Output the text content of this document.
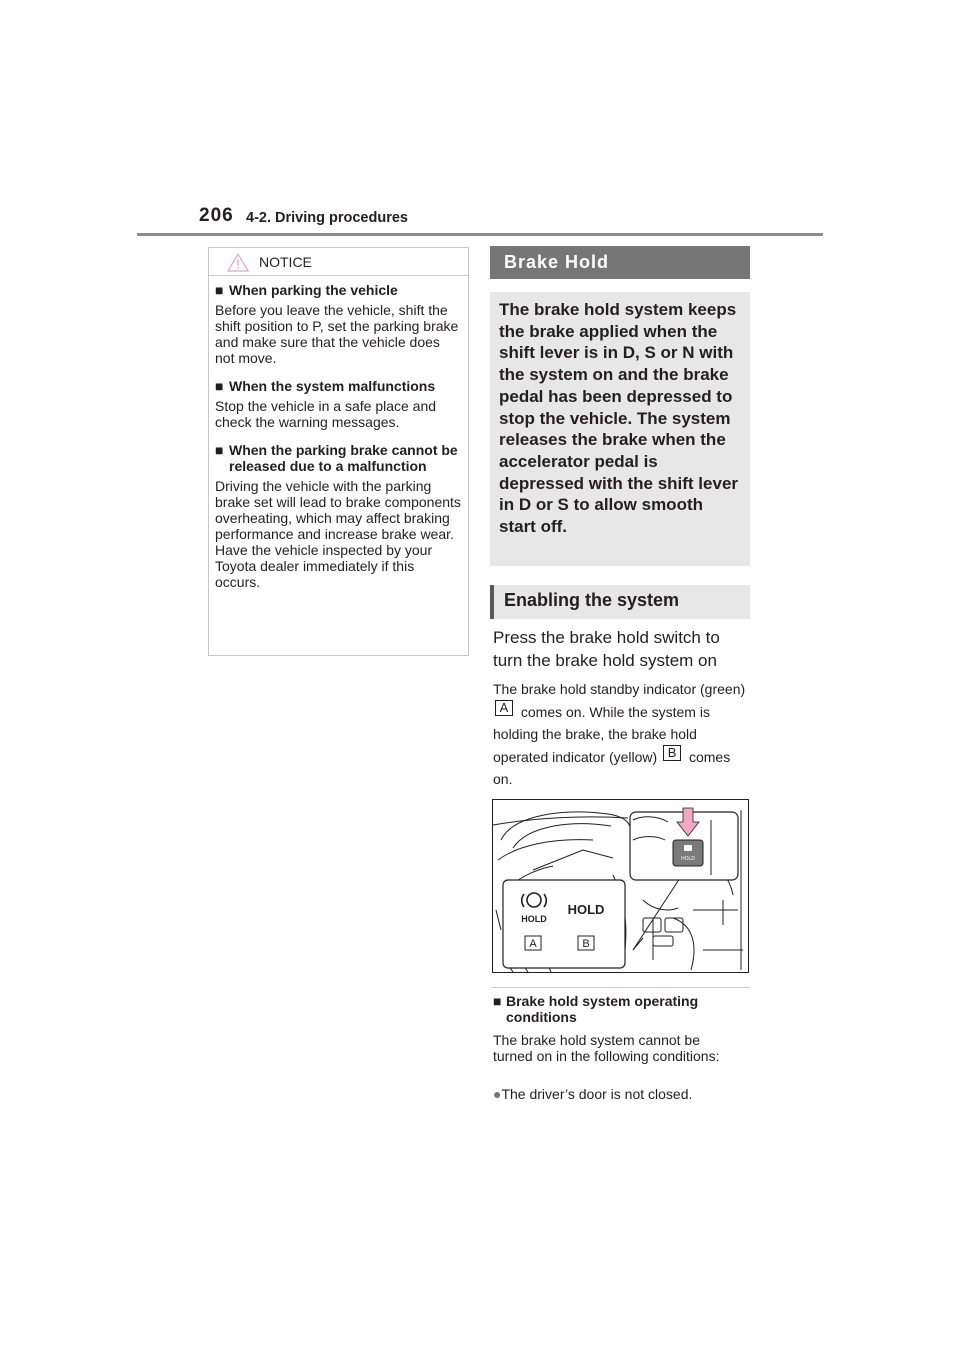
206 4-2. Driving procedures
NOTICE
■ When parking the vehicle
Before you leave the vehicle, shift the shift position to P, set the parking brake and make sure that the vehicle does not move.
■ When the system malfunctions
Stop the vehicle in a safe place and check the warning messages.
■ When the parking brake cannot be released due to a malfunction
Driving the vehicle with the parking brake set will lead to brake components overheating, which may affect braking performance and increase brake wear. Have the vehicle inspected by your Toyota dealer immediately if this occurs.
Brake Hold
The brake hold system keeps the brake applied when the shift lever is in D, S or N with the system on and the brake pedal has been depressed to stop the vehicle. The system releases the brake when the accelerator pedal is depressed with the shift lever in D or S to allow smooth start off.
Enabling the system
Press the brake hold switch to turn the brake hold system on
The brake hold standby indicator (green) A comes on. While the system is holding the brake, the brake hold operated indicator (yellow) B comes on.
HOLD
HOLD
HOLD
A	B
■ Brake hold system operating conditions
The brake hold system cannot be turned on in the following conditions:
●The driver’s door is not closed.
